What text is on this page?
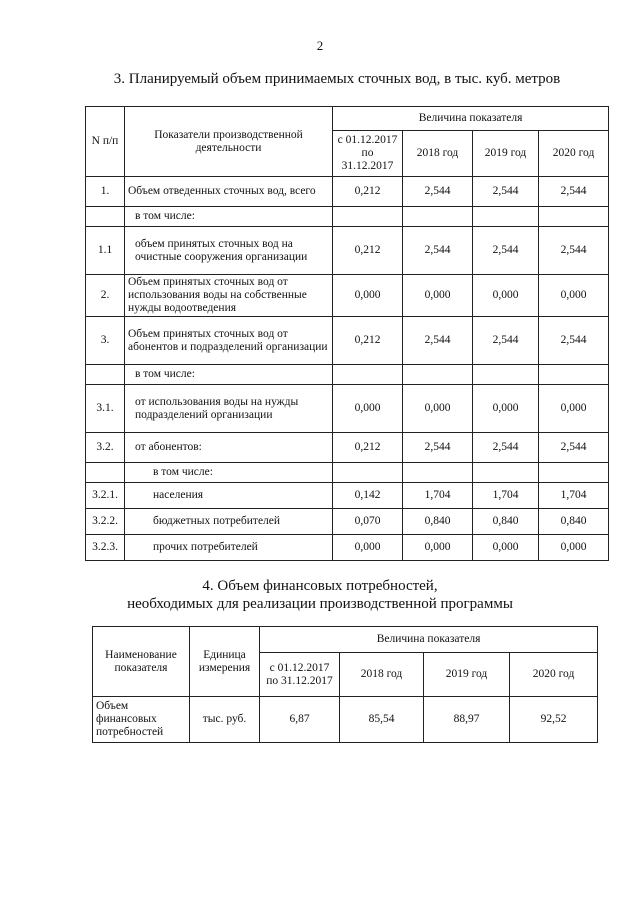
2
3. Планируемый объем принимаемых сточных вод, в тыс. куб. метров
N п/п	Показатели производственной деятельности	Величина показателя			
		с 01.12.2017 по 31.12.2017	2018 год	2019 год	2020 год
1.	Объем отведенных сточных вод, всего	0,212	2,544	2,544	2,544
	в том числе:				
1.1	объем принятых сточных вод на очистные сооружения организации	0,212	2,544	2,544	2,544
2.	Объем принятых сточных вод от использования воды на собственные нужды водоотведения	0,000	0,000	0,000	0,000
3.	Объем принятых сточных вод от абонентов и подразделений организации	0,212	2,544	2,544	2,544
	в том числе:				
3.1.	от использования воды на нужды подразделений организации	0,000	0,000	0,000	0,000
3.2.	от абонентов:	0,212	2,544	2,544	2,544
	в том числе:				
3.2.1.	населения	0,142	1,704	1,704	1,704
3.2.2.	бюджетных потребителей	0,070	0,840	0,840	0,840
3.2.3.	прочих потребителей	0,000	0,000	0,000	0,000
4. Объем финансовых потребностей,
необходимых для реализации производственной программы
Наименование показателя	Единица измерения	Величина показателя			
		с 01.12.2017 по 31.12.2017	2018 год	2019 год	2020 год
Объем финансовых потребностей	тыс. руб.	6,87	85,54	88,97	92,52
